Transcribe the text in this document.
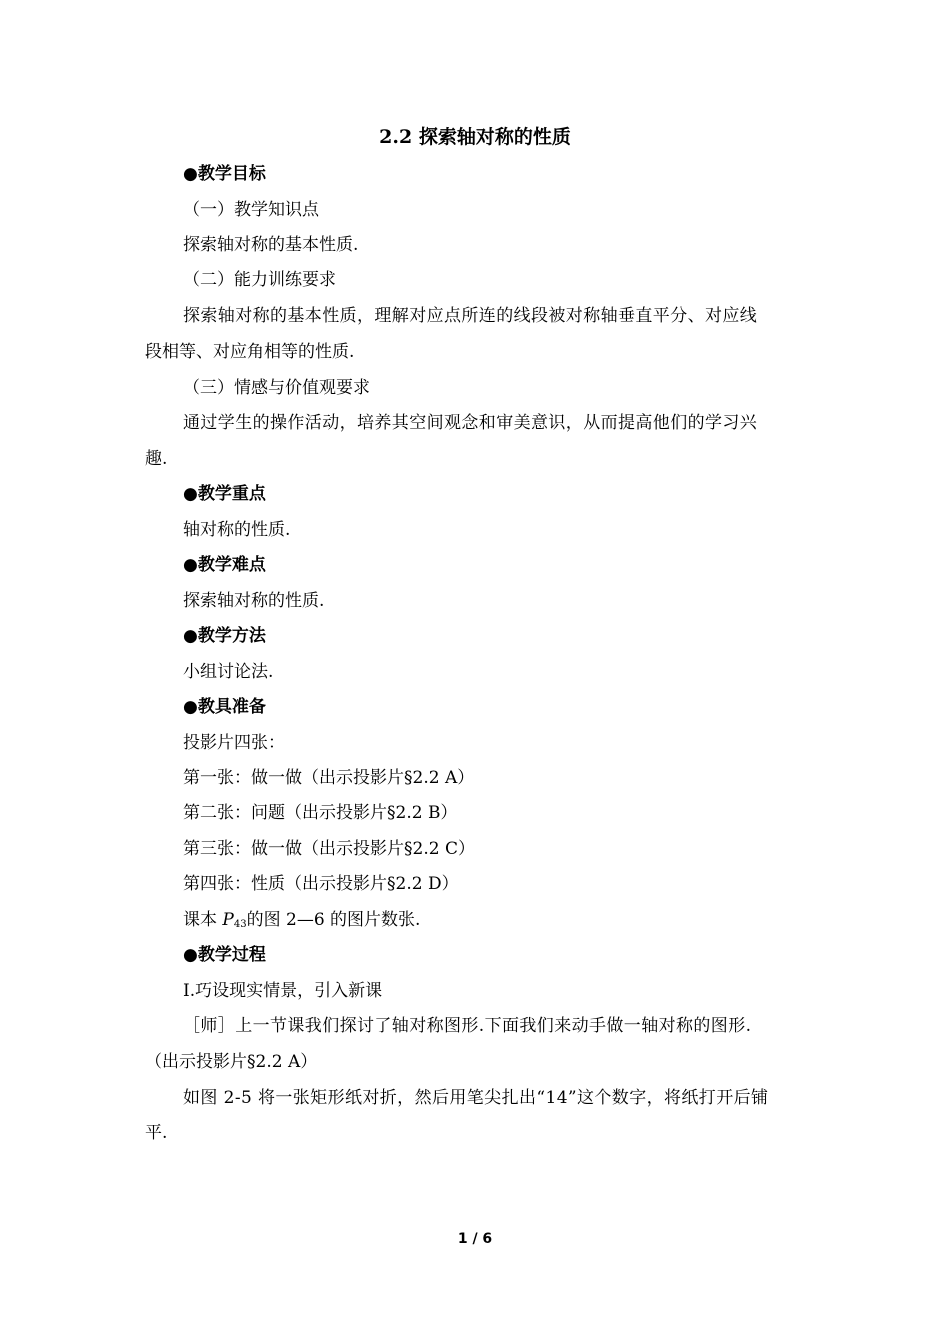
2.2 探索轴对称的性质
●教学目标
（一）教学知识点
探索轴对称的基本性质.
（二）能力训练要求
探索轴对称的基本性质，理解对应点所连的线段被对称轴垂直平分、对应线
段相等、对应角相等的性质.
（三）情感与价值观要求
通过学生的操作活动，培养其空间观念和审美意识，从而提高他们的学习兴
趣.
●教学重点
轴对称的性质.
●教学难点
探索轴对称的性质.
●教学方法
小组讨论法.
●教具准备
投影片四张：
第一张：做一做（出示投影片§2.2 A）
第二张：问题（出示投影片§2.2 B）
第三张：做一做（出示投影片§2.2 C）
第四张：性质（出示投影片§2.2 D）
课本 $P_{43}$的图 2—6 的图片数张.
●教学过程
Ⅰ.巧设现实情景，引入新课
［师］上一节课我们探讨了轴对称图形.下面我们来动手做一轴对称的图形.
（出示投影片§2.2 A）
如图 2-5 将一张矩形纸对折，然后用笔尖扎出“14”这个数字，将纸打开后铺
平.
1 / 6
